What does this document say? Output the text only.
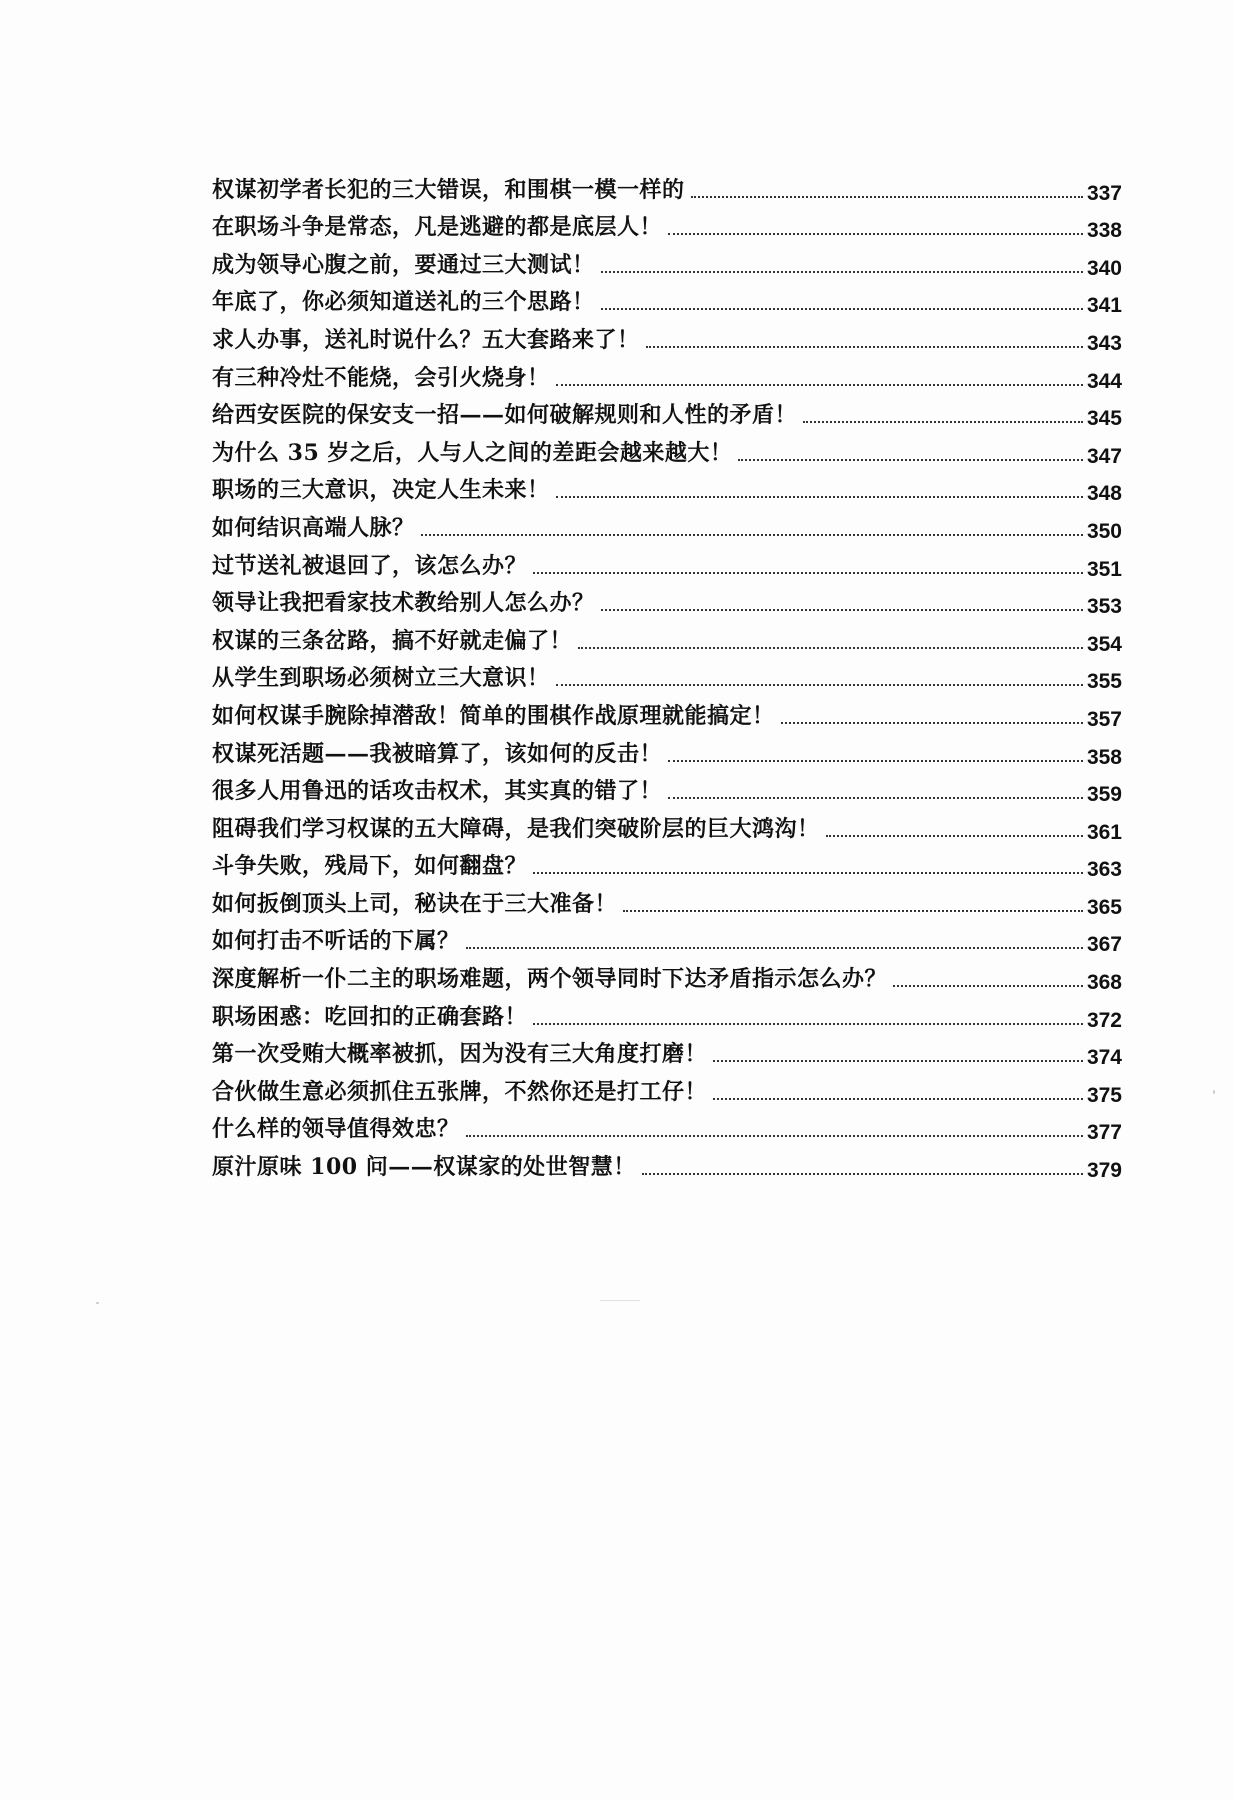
权谋初学者长犯的三大错误，和围棋一模一样的	337
在职场斗争是常态，凡是逃避的都是底层人！	338
成为领导心腹之前，要通过三大测试！	340
年底了，你必须知道送礼的三个思路！	341
求人办事，送礼时说什么？五大套路来了！	343
有三种冷灶不能烧，会引火烧身！	344
给西安医院的保安支一招——如何破解规则和人性的矛盾！	345
为什么 35 岁之后，人与人之间的差距会越来越大！	347
职场的三大意识，决定人生未来！	348
如何结识高端人脉？	350
过节送礼被退回了，该怎么办？	351
领导让我把看家技术教给别人怎么办？	353
权谋的三条岔路，搞不好就走偏了！	354
从学生到职场必须树立三大意识！	355
如何权谋手腕除掉潜敌！简单的围棋作战原理就能搞定！	357
权谋死活题——我被暗算了，该如何的反击！	358
很多人用鲁迅的话攻击权术，其实真的错了！	359
阻碍我们学习权谋的五大障碍，是我们突破阶层的巨大鸿沟！	361
斗争失败，残局下，如何翻盘？	363
如何扳倒顶头上司，秘诀在于三大准备！	365
如何打击不听话的下属？	367
深度解析一仆二主的职场难题，两个领导同时下达矛盾指示怎么办？	368
职场困惑：吃回扣的正确套路！	372
第一次受贿大概率被抓，因为没有三大角度打磨！	374
合伙做生意必须抓住五张牌，不然你还是打工仔！	375
什么样的领导值得效忠？	377
原汁原味 100 问——权谋家的处世智慧！	379
